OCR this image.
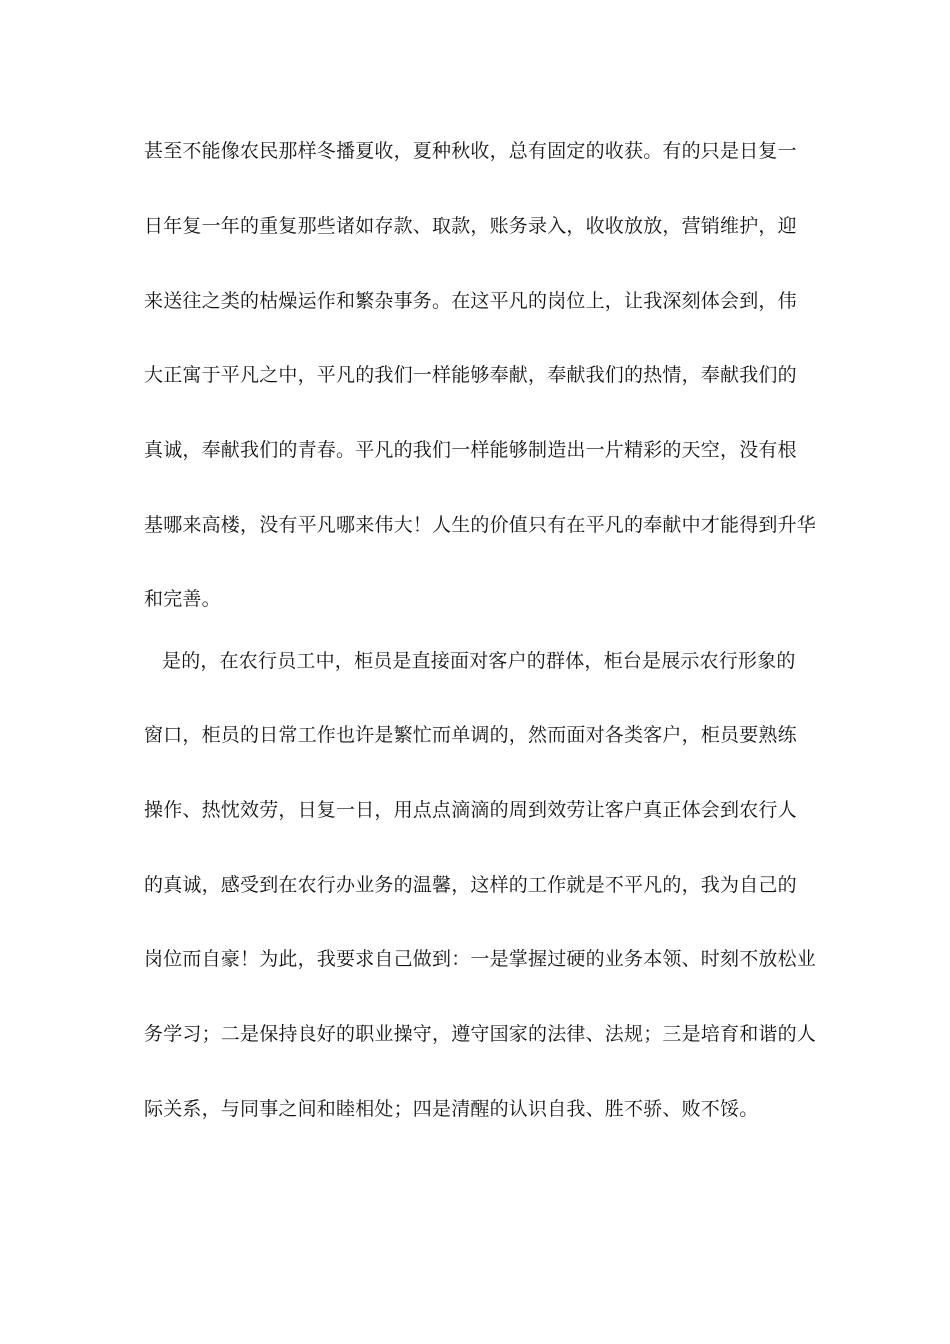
甚至不能像农民那样冬播夏收，夏种秋收，总有固定的收获。有的只是日复一
日年复一年的重复那些诸如存款、取款，账务录入，收收放放，营销维护，迎
来送往之类的枯燥运作和繁杂事务。在这平凡的岗位上，让我深刻体会到，伟
大正寓于平凡之中，平凡的我们一样能够奉献，奉献我们的热情，奉献我们的
真诚，奉献我们的青春。平凡的我们一样能够制造出一片精彩的天空，没有根
基哪来高楼，没有平凡哪来伟大！人生的价值只有在平凡的奉献中才能得到升华
和完善。
是的，在农行员工中，柜员是直接面对客户的群体，柜台是展示农行形象的
窗口，柜员的日常工作也许是繁忙而单调的，然而面对各类客户，柜员要熟练
操作、热忱效劳，日复一日，用点点滴滴的周到效劳让客户真正体会到农行人
的真诚，感受到在农行办业务的温馨，这样的工作就是不平凡的，我为自己的
岗位而自豪！为此，我要求自己做到：一是掌握过硬的业务本领、时刻不放松业
务学习；二是保持良好的职业操守，遵守国家的法律、法规；三是培育和谐的人
际关系，与同事之间和睦相处；四是清醒的认识自我、胜不骄、败不馁。
